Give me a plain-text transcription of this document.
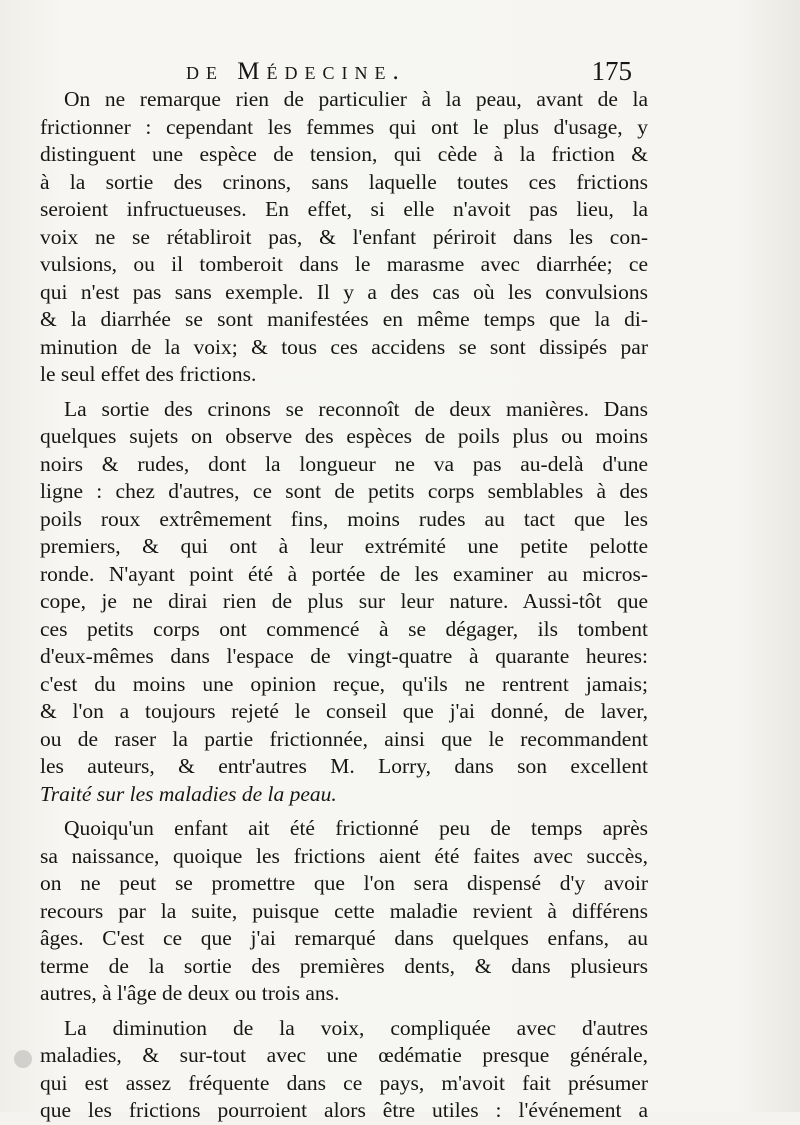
de Médecine.	175
On ne remarque rien de particulier à la peau, avant de la
frictionner : cependant les femmes qui ont le plus d'usage, y
distinguent une espèce de tension, qui cède à la friction &
à la sortie des crinons, sans laquelle toutes ces frictions
seroient infructueuses. En effet, si elle n'avoit pas lieu, la
voix ne se rétabliroit pas, & l'enfant périroit dans les con-
vulsions, ou il tomberoit dans le marasme avec diarrhée; ce
qui n'est pas sans exemple. Il y a des cas où les convulsions
& la diarrhée se sont manifestées en même temps que la di-
minution de la voix; & tous ces accidens se sont dissipés par
le seul effet des frictions.
La sortie des crinons se reconnoît de deux manières. Dans
quelques sujets on observe des espèces de poils plus ou moins
noirs & rudes, dont la longueur ne va pas au-delà d'une
ligne : chez d'autres, ce sont de petits corps semblables à des
poils roux extrêmement fins, moins rudes au tact que les
premiers, & qui ont à leur extrémité une petite pelotte
ronde. N'ayant point été à portée de les examiner au micros-
cope, je ne dirai rien de plus sur leur nature. Aussi-tôt que
ces petits corps ont commencé à se dégager, ils tombent
d'eux-mêmes dans l'espace de vingt-quatre à quarante heures:
c'est du moins une opinion reçue, qu'ils ne rentrent jamais;
& l'on a toujours rejeté le conseil que j'ai donné, de laver,
ou de raser la partie frictionnée, ainsi que le recommandent
les auteurs, & entr'autres M. Lorry, dans son excellent
Traité sur les maladies de la peau.
Quoiqu'un enfant ait été frictionné peu de temps après
sa naissance, quoique les frictions aient été faites avec succès,
on ne peut se promettre que l'on sera dispensé d'y avoir
recours par la suite, puisque cette maladie revient à différens
âges. C'est ce que j'ai remarqué dans quelques enfans, au
terme de la sortie des premières dents, & dans plusieurs
autres, à l'âge de deux ou trois ans.
La diminution de la voix, compliquée avec d'autres
maladies, & sur-tout avec une œdématie presque générale,
qui est assez fréquente dans ce pays, m'avoit fait présumer
que les frictions pourroient alors être utiles : l'événement a
